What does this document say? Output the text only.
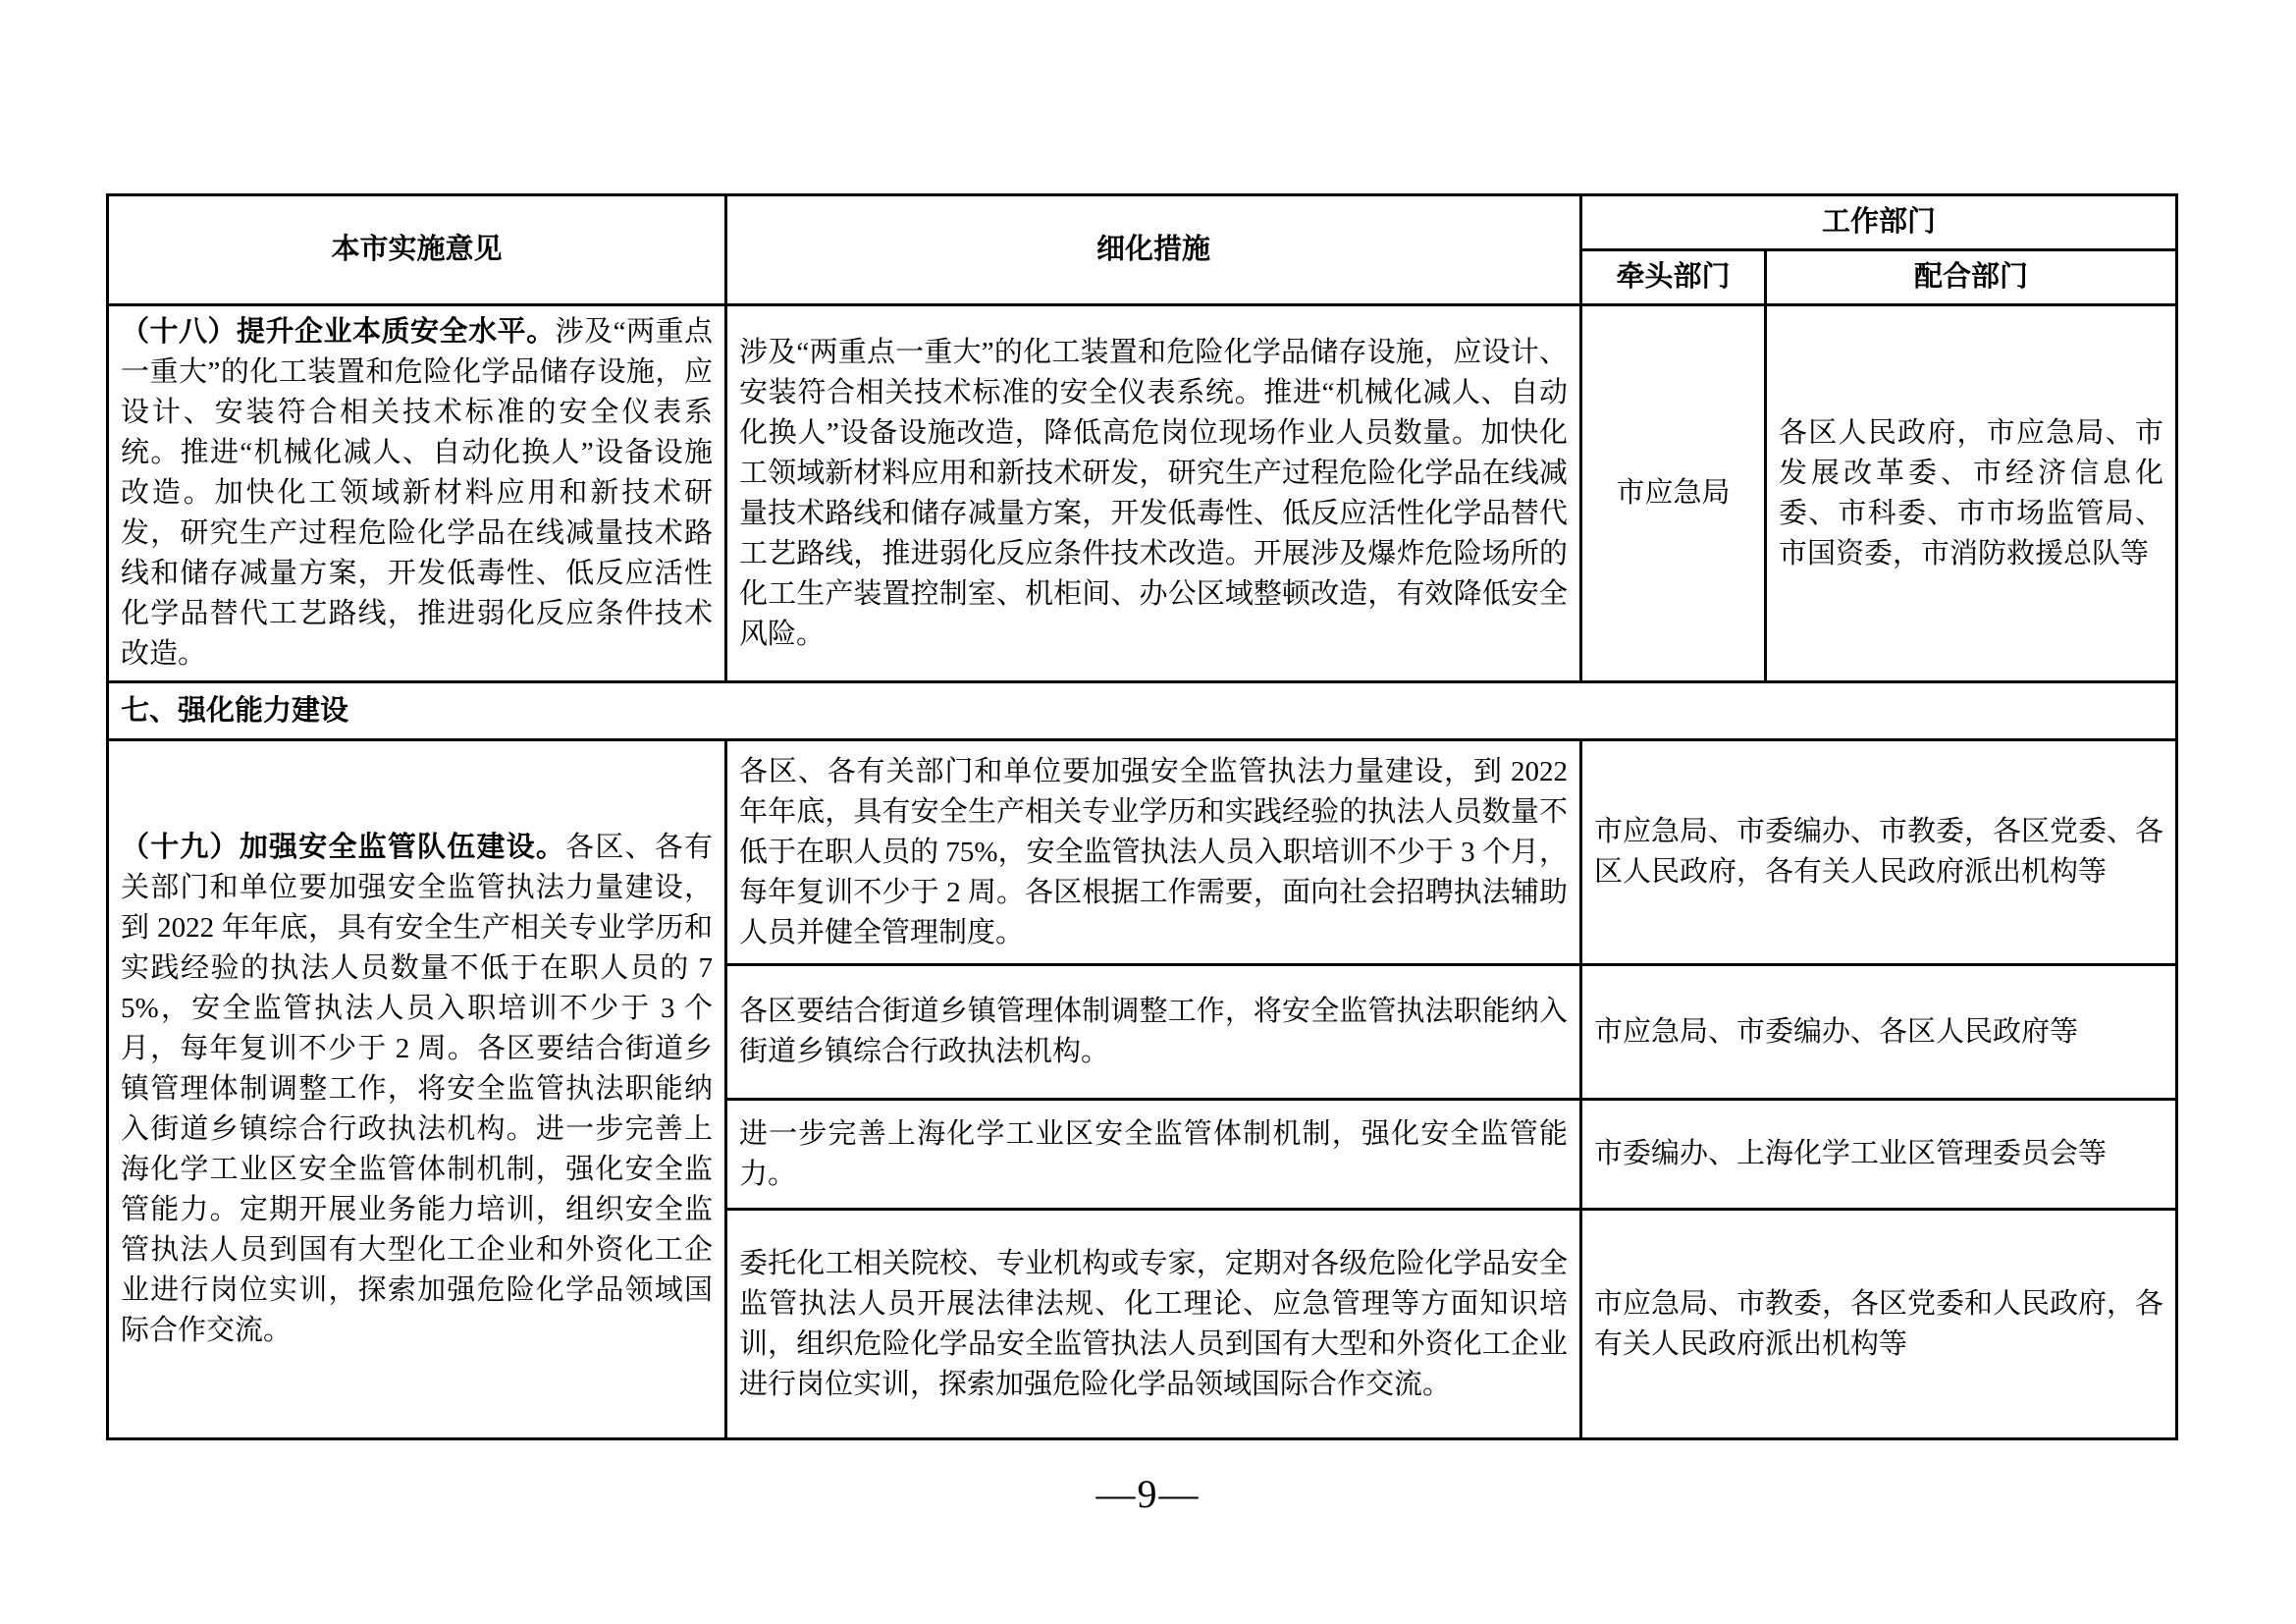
本市实施意见	细化措施	工作部门	
		牵头部门	配合部门
（十八）提升企业本质安全水平。涉及“两重点一重大”的化工装置和危险化学品储存设施，应设计、安装符合相关技术标准的安全仪表系统。推进“机械化减人、自动化换人”设备设施改造。加快化工领域新材料应用和新技术研发，研究生产过程危险化学品在线减量技术路线和储存减量方案，开发低毒性、低反应活性化学品替代工艺路线，推进弱化反应条件技术改造。	涉及“两重点一重大”的化工装置和危险化学品储存设施，应设计、安装符合相关技术标准的安全仪表系统。推进“机械化减人、自动化换人”设备设施改造，降低高危岗位现场作业人员数量。加快化工领域新材料应用和新技术研发，研究生产过程危险化学品在线减量技术路线和储存减量方案，开发低毒性、低反应活性化学品替代工艺路线，推进弱化反应条件技术改造。开展涉及爆炸危险场所的化工生产装置控制室、机柜间、办公区域整顿改造，有效降低安全风险。	市应急局	各区人民政府，市应急局、市发展改革委、市经济信息化委、市科委、市市场监管局、市国资委，市消防救援总队等
七、强化能力建设			
（十九）加强安全监管队伍建设。各区、各有关部门和单位要加强安全监管执法力量建设，到 2022 年年底，具有安全生产相关专业学历和实践经验的执法人员数量不低于在职人员的 75%，安全监管执法人员入职培训不少于 3 个月，每年复训不少于 2 周。各区要结合街道乡镇管理体制调整工作，将安全监管执法职能纳入街道乡镇综合行政执法机构。进一步完善上海化学工业区安全监管体制机制，强化安全监管能力。定期开展业务能力培训，组织安全监管执法人员到国有大型化工企业和外资化工企业进行岗位实训，探索加强危险化学品领域国际合作交流。	各区、各有关部门和单位要加强安全监管执法力量建设，到 2022 年年底，具有安全生产相关专业学历和实践经验的执法人员数量不低于在职人员的 75%，安全监管执法人员入职培训不少于 3 个月，每年复训不少于 2 周。各区根据工作需要，面向社会招聘执法辅助人员并健全管理制度。	市应急局、市委编办、市教委，各区党委、各区人民政府，各有关人民政府派出机构等	
	各区要结合街道乡镇管理体制调整工作，将安全监管执法职能纳入街道乡镇综合行政执法机构。	市应急局、市委编办、各区人民政府等	
	进一步完善上海化学工业区安全监管体制机制，强化安全监管能力。	市委编办、上海化学工业区管理委员会等	
	委托化工相关院校、专业机构或专家，定期对各级危险化学品安全监管执法人员开展法律法规、化工理论、应急管理等方面知识培训，组织危险化学品安全监管执法人员到国有大型和外资化工企业进行岗位实训，探索加强危险化学品领域国际合作交流。	市应急局、市教委，各区党委和人民政府，各有关人民政府派出机构等	
—9—
